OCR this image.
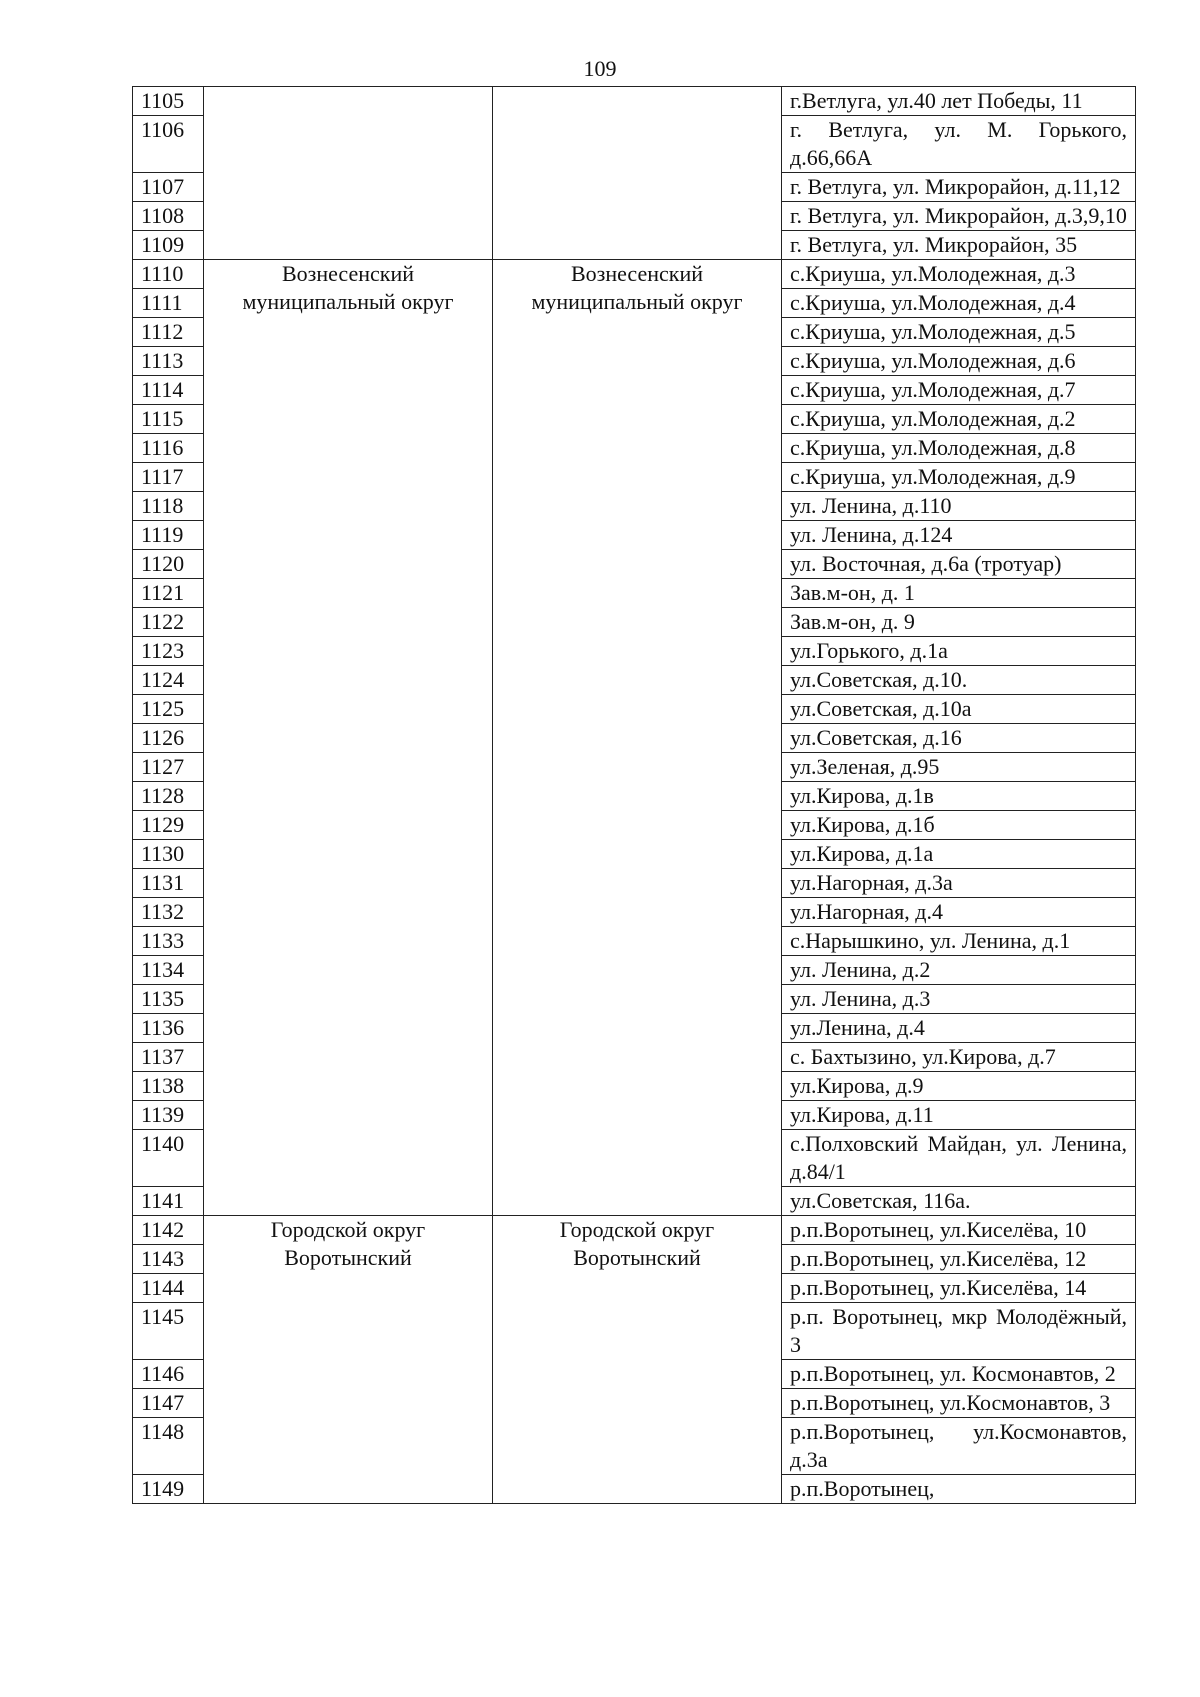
109
1105			г.Ветлуга, ул.40 лет Победы, 11
1106			г. Ветлуга, ул. М. Горького, д.66,66А
1107			г. Ветлуга, ул. Микрорайон, д.11,12
1108			г. Ветлуга, ул. Микрорайон, д.3,9,10
1109			г. Ветлуга, ул. Микрорайон, 35
1110	Вознесенский муниципальный округ	Вознесенский муниципальный округ	с.Криуша, ул.Молодежная, д.3
1111			с.Криуша, ул.Молодежная, д.4
1112			с.Криуша, ул.Молодежная, д.5
1113			с.Криуша, ул.Молодежная, д.6
1114			с.Криуша, ул.Молодежная, д.7
1115			с.Криуша, ул.Молодежная, д.2
1116			с.Криуша, ул.Молодежная, д.8
1117			с.Криуша, ул.Молодежная, д.9
1118			ул. Ленина, д.110
1119			ул. Ленина, д.124
1120			ул. Восточная, д.6а (тротуар)
1121			Зав.м-он, д. 1
1122			Зав.м-он, д. 9
1123			ул.Горького, д.1а
1124			ул.Советская, д.10.
1125			ул.Советская, д.10а
1126			ул.Советская, д.16
1127			ул.Зеленая, д.95
1128			ул.Кирова, д.1в
1129			ул.Кирова, д.1б
1130			ул.Кирова, д.1а
1131			ул.Нагорная, д.3а
1132			ул.Нагорная, д.4
1133			с.Нарышкино, ул. Ленина, д.1
1134			ул. Ленина, д.2
1135			ул. Ленина, д.3
1136			ул.Ленина, д.4
1137			с. Бахтызино, ул.Кирова, д.7
1138			ул.Кирова, д.9
1139			ул.Кирова, д.11
1140			с.Полховский Майдан, ул. Ленина, д.84/1
1141			ул.Советская, 116а.
1142	Городской округ Воротынский	Городской округ Воротынский	р.п.Воротынец, ул.Киселёва, 10
1143			р.п.Воротынец, ул.Киселёва, 12
1144			р.п.Воротынец, ул.Киселёва, 14
1145			р.п. Воротынец, мкр Молодёжный, 3
1146			р.п.Воротынец, ул. Космонавтов, 2
1147			р.п.Воротынец, ул.Космонавтов, 3
1148			р.п.Воротынец, ул.Космонавтов, д.3а
1149			р.п.Воротынец,
